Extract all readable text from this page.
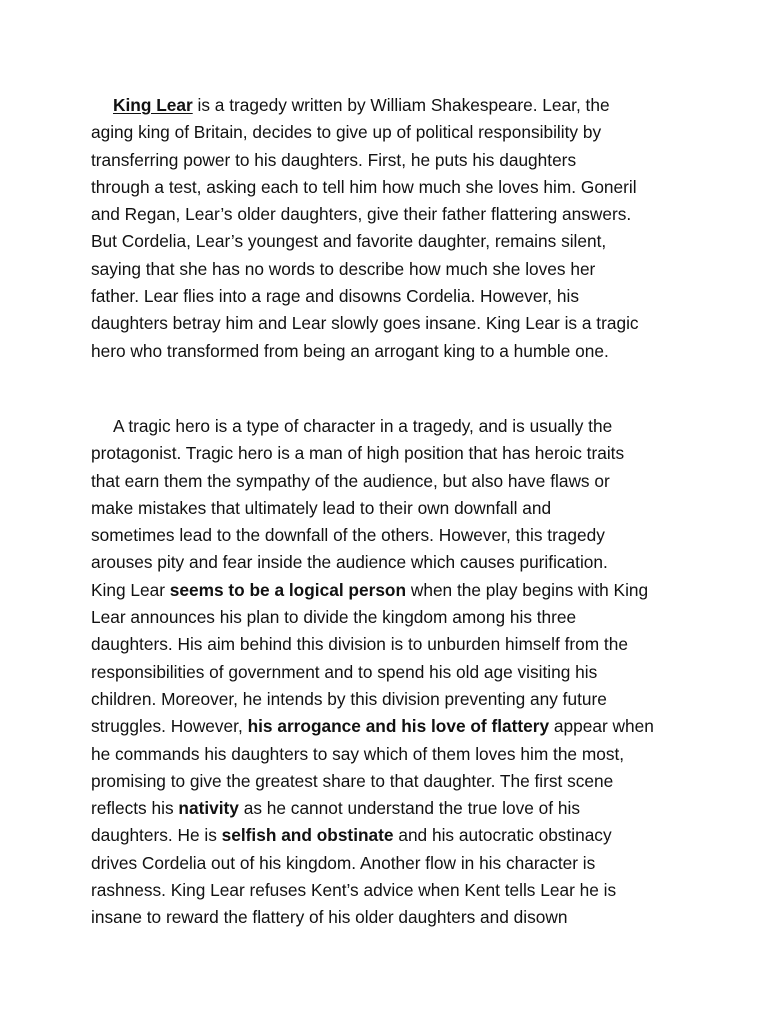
King Lear is a tragedy written by William Shakespeare. Lear, the
aging king of Britain, decides to give up of political responsibility by
transferring power to his daughters. First, he puts his daughters
through a test, asking each to tell him how much she loves him. Goneril
and Regan, Lear’s older daughters, give their father flattering answers.
But Cordelia, Lear’s youngest and favorite daughter, remains silent,
saying that she has no words to describe how much she loves her
father. Lear flies into a rage and disowns Cordelia. However, his
daughters betray him and Lear slowly goes insane. King Lear is a tragic
hero who transformed from being an arrogant king to a humble one.

A tragic hero is a type of character in a tragedy, and is usually the
protagonist. Tragic hero is a man of high position that has heroic traits
that earn them the sympathy of the audience, but also have flaws or
make mistakes that ultimately lead to their own downfall and
sometimes lead to the downfall of the others. However, this tragedy
arouses pity and fear inside the audience which causes purification.
King Lear seems to be a logical person when the play begins with King
Lear announces his plan to divide the kingdom among his three
daughters. His aim behind this division is to unburden himself from the
responsibilities of government and to spend his old age visiting his
children. Moreover, he intends by this division preventing any future
struggles. However, his arrogance and his love of flattery appear when
he commands his daughters to say which of them loves him the most,
promising to give the greatest share to that daughter. The first scene
reflects his nativity as he cannot understand the true love of his
daughters. He is selfish and obstinate and his autocratic obstinacy
drives Cordelia out of his kingdom. Another flow in his character is
rashness. King Lear refuses Kent’s advice when Kent tells Lear he is
insane to reward the flattery of his older daughters and disown
